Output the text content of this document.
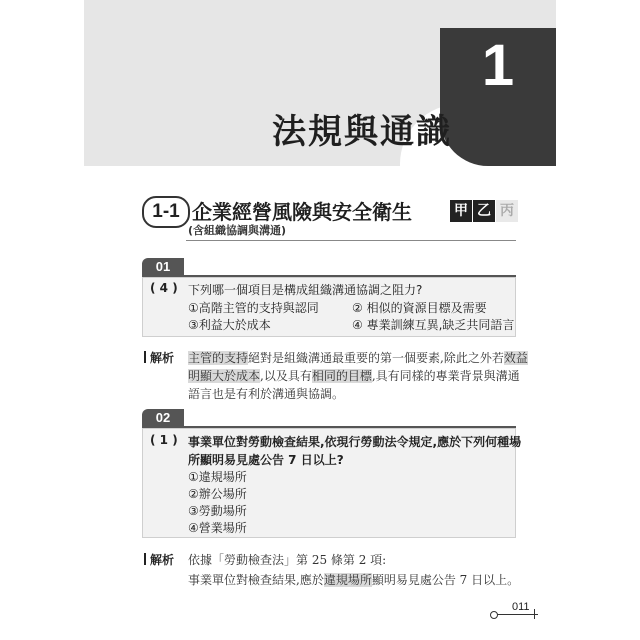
1
法規與通識
1-1 企業經營風險與安全衛生
(含組織協調與溝通)
甲 乙 丙
01
( 4 ) 下列哪一個項目是構成組織溝通協調之阻力?
①高階主管的支持與認同	② 相似的資源目標及需要
③利益大於成本	④ 專業訓練互異,缺乏共同語言
解析 主管的支持絕對是組織溝通最重要的第一個要素,除此之外若效益
明顯大於成本,以及具有相同的目標,具有同樣的專業背景與溝通
語言也是有利於溝通與協調。
02
( 1 ) 事業單位對勞動檢查結果,依現行勞動法令規定,應於下列何種場
所顯明易見處公告 7 日以上?
①違規場所
②辦公場所
③勞動場所
④營業場所
解析 依據「勞動檢查法」第 25 條第 2 項:
事業單位對檢查結果,應於違規場所顯明易見處公告 7 日以上。
011
